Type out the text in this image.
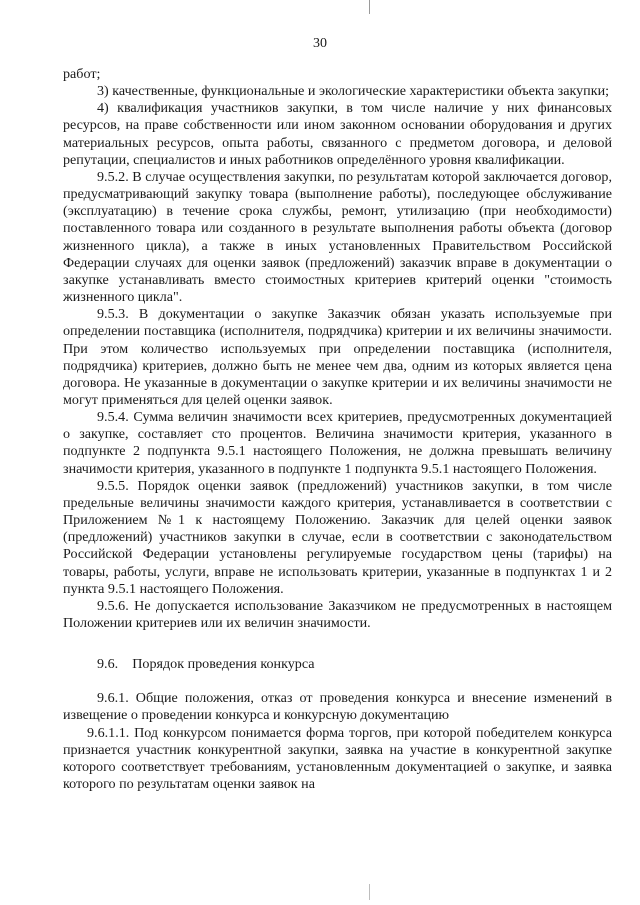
30

работ;

3) качественные, функциональные и экологические характеристики объекта закупки;

4) квалификация участников закупки, в том числе наличие у них финансовых ресурсов, на праве собственности или ином законном основании оборудования и других материальных ресурсов, опыта работы, связанного с предметом договора, и деловой репутации, специалистов и иных работников определённого уровня квалификации.

9.5.2. В случае осуществления закупки, по результатам которой заключается договор, предусматривающий закупку товара (выполнение работы), последующее обслуживание (эксплуатацию) в течение срока службы, ремонт, утилизацию (при необходимости) поставленного товара или созданного в результате выполнения работы объекта (договор жизненного цикла), а также в иных установленных Правительством Российской Федерации случаях для оценки заявок (предложений) заказчик вправе в документации о закупке устанавливать вместо стоимостных критериев критерий оценки "стоимость жизненного цикла".

9.5.3. В документации о закупке Заказчик обязан указать используемые при определении поставщика (исполнителя, подрядчика) критерии и их величины значимости. При этом количество используемых при определении поставщика (исполнителя, подрядчика) критериев, должно быть не менее чем два, одним из которых является цена договора. Не указанные в документации о закупке критерии и их величины значимости не могут применяться для целей оценки заявок.

9.5.4. Сумма величин значимости всех критериев, предусмотренных документацией о закупке, составляет сто процентов. Величина значимости критерия, указанного в подпункте 2 подпункта 9.5.1 настоящего Положения, не должна превышать величину значимости критерия, указанного в подпункте 1 подпункта 9.5.1 настоящего Положения.

9.5.5. Порядок оценки заявок (предложений) участников закупки, в том числе предельные величины значимости каждого критерия, устанавливается в соответствии с Приложением №1 к настоящему Положению. Заказчик для целей оценки заявок (предложений) участников закупки в случае, если в соответствии с законодательством Российской Федерации установлены регулируемые государством цены (тарифы) на товары, работы, услуги, вправе не использовать критерии, указанные в подпунктах 1 и 2 пункта 9.5.1 настоящего Положения.

9.5.6. Не допускается использование Заказчиком не предусмотренных в настоящем Положении критериев или их величин значимости.

9.6. Порядок проведения конкурса

9.6.1. Общие положения, отказ от проведения конкурса и внесение изменений в извещение о проведении конкурса и конкурсную документацию

9.6.1.1. Под конкурсом понимается форма торгов, при которой победителем конкурса признается участник конкурентной закупки, заявка на участие в конкурентной закупке которого соответствует требованиям, установленным документацией о закупке, и заявка которого по результатам оценки заявок на
